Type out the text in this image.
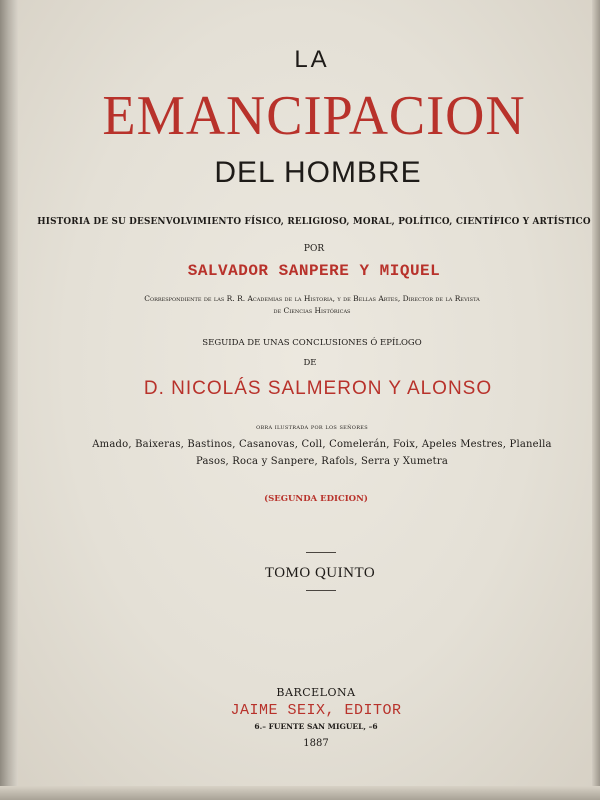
LA
EMANCIPACION
DEL HOMBRE
HISTORIA DE SU DESENVOLVIMIENTO FÍSICO, RELIGIOSO, MORAL, POLÍTICO, CIENTÍFICO Y ARTÍSTICO
POR
SALVADOR SANPERE Y MIQUEL
Correspondiente de las R. R. Academias de la Historia, y de Bellas Artes, Director de la Revista
de Ciencias Históricas
SEGUIDA DE UNAS CONCLUSIONES Ó EPÍLOGO
DE
D. NICOLÁS SALMERON Y ALONSO
obra ilustrada por los señores
Amado, Baixeras, Bastinos, Casanovas, Coll, Comelerán, Foix, Apeles Mestres, Planella
Pasos, Roca y Sanpere, Rafols, Serra y Xumetra
(SEGUNDA EDICION)
TOMO QUINTO
BARCELONA
JAIME SEIX, EDITOR
6.– FUENTE SAN MIGUEL, –6
1887
